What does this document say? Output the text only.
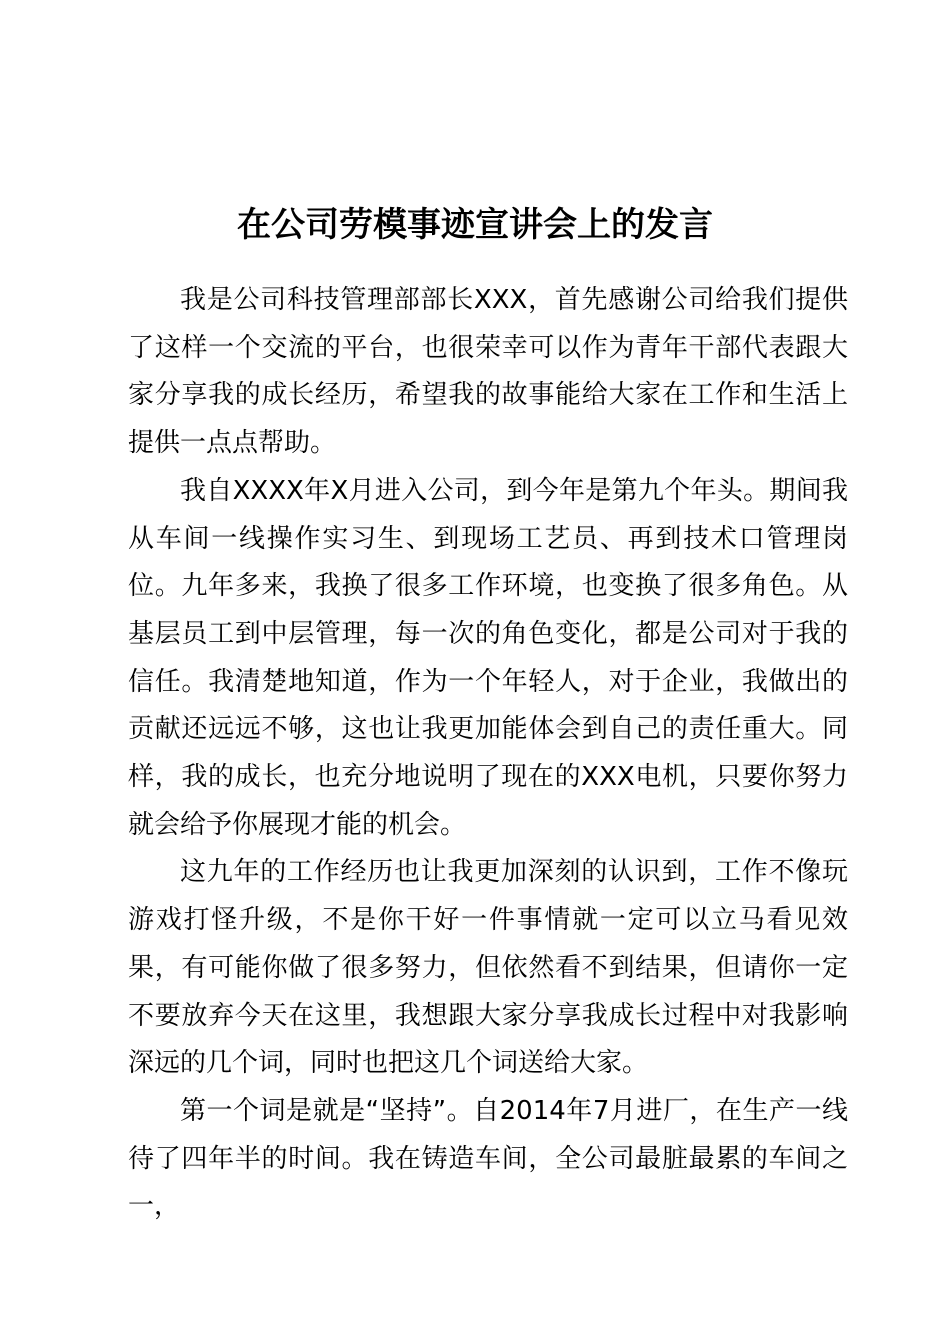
在公司劳模事迹宣讲会上的发言

我是公司科技管理部部长XXX，首先感谢公司给我们提供了这样一个交流的平台，也很荣幸可以作为青年干部代表跟大家分享我的成长经历，希望我的故事能给大家在工作和生活上提供一点点帮助。

我自XXXX年X月进入公司，到今年是第九个年头。期间我从车间一线操作实习生、到现场工艺员、再到技术口管理岗位。九年多来，我换了很多工作环境，也变换了很多角色。从基层员工到中层管理，每一次的角色变化，都是公司对于我的信任。我清楚地知道，作为一个年轻人，对于企业，我做出的贡献还远远不够，这也让我更加能体会到自己的责任重大。同样，我的成长，也充分地说明了现在的XXX电机，只要你努力就会给予你展现才能的机会。

这九年的工作经历也让我更加深刻的认识到，工作不像玩游戏打怪升级，不是你干好一件事情就一定可以立马看见效果，有可能你做了很多努力，但依然看不到结果，但请你一定不要放弃今天在这里，我想跟大家分享我成长过程中对我影响深远的几个词，同时也把这几个词送给大家。

第一个词是就是“坚持”。自2014年7月进厂，在生产一线待了四年半的时间。我在铸造车间，全公司最脏最累的车间之一，
